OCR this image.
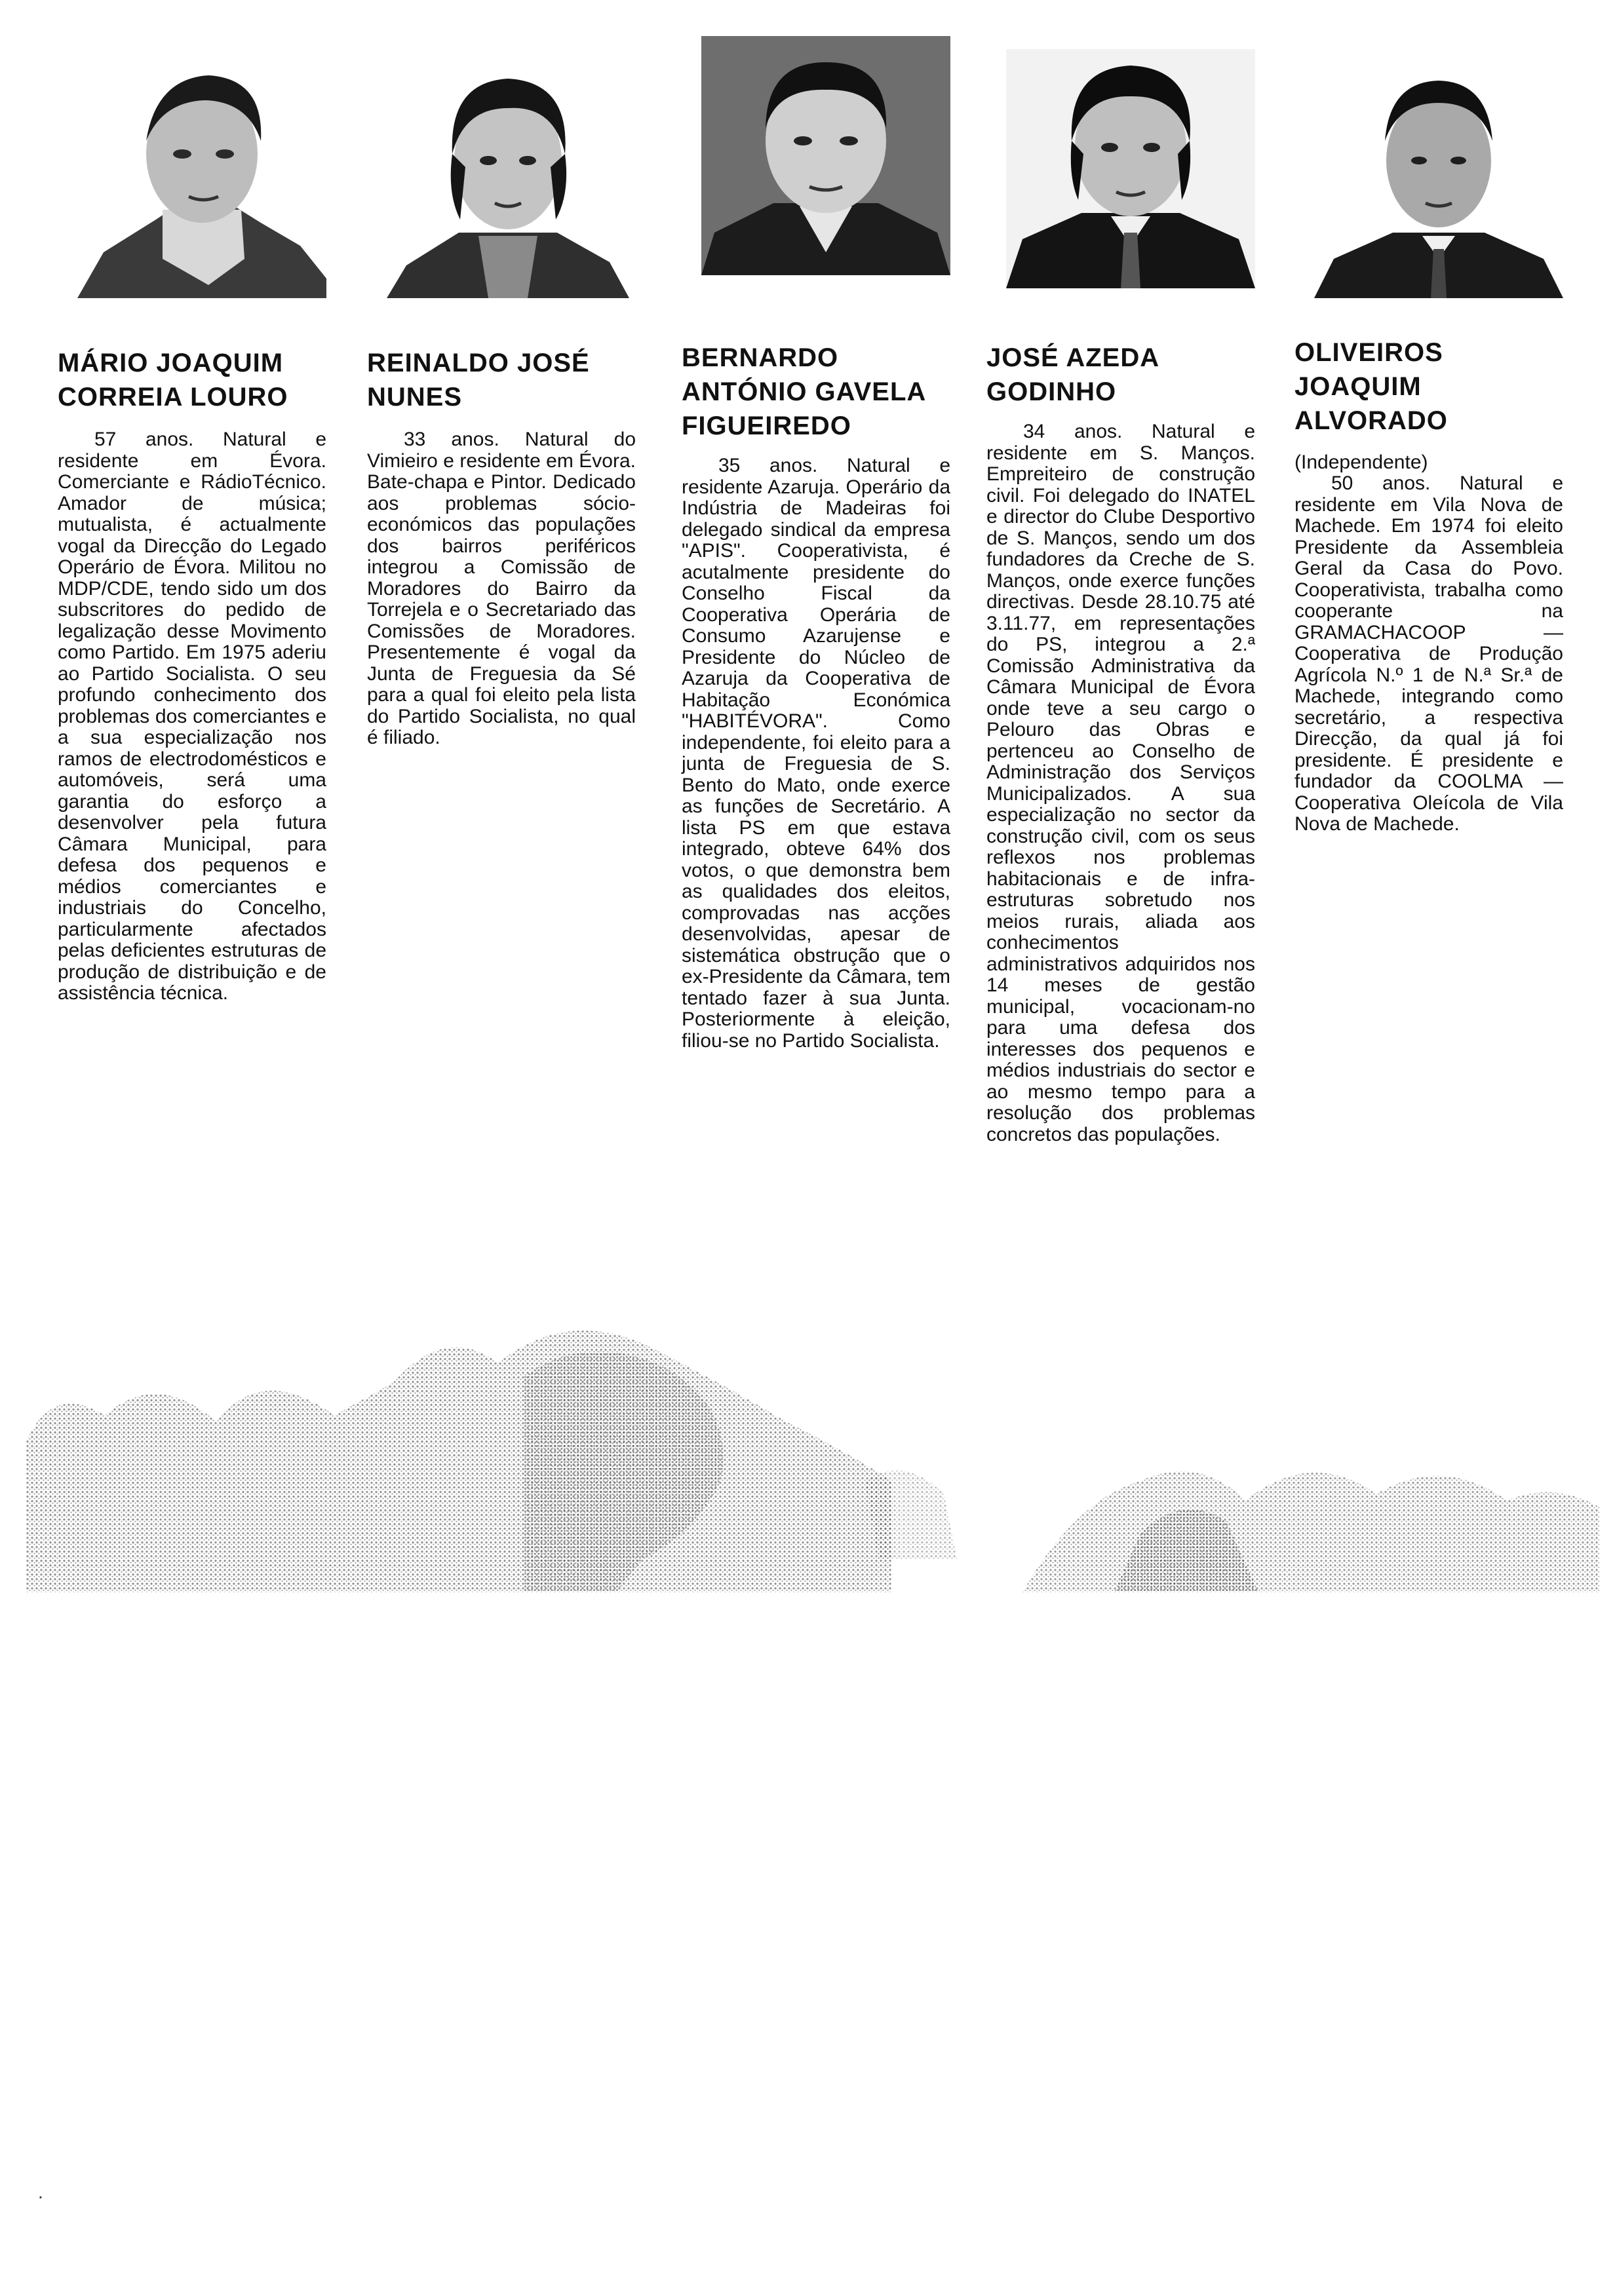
MÁRIO JOAQUIM
CORREIA LOURO

57 anos. Natural e residente em Évora. Comerciante e RádioTécnico. Amador de música; mutualista, é actualmente vogal da Direcção do Legado Operário de Évora. Militou no MDP/CDE, tendo sido um dos subscritores do pedido de legalização desse Movimento como Partido. Em 1975 aderiu ao Partido Socialista. O seu profundo conhecimento dos problemas dos comerciantes e a sua especialização nos ramos de electrodomésticos e automóveis, será uma garantia do esforço a desenvolver pela futura Câmara Municipal, para defesa dos pequenos e médios comerciantes e industriais do Concelho, particularmente afectados pelas deficientes estruturas de produção de distribuição e de assistência técnica.

REINALDO JOSÉ
NUNES

33 anos. Natural do Vimieiro e residente em Évora. Bate-chapa e Pintor. Dedicado aos problemas sócio-económicos das populações dos bairros periféricos integrou a Comissão de Moradores do Bairro da Torrejela e o Secretariado das Comissões de Moradores. Presentemente é vogal da Junta de Freguesia da Sé para a qual foi eleito pela lista do Partido Socialista, no qual é filiado.

BERNARDO
ANTÓNIO GAVELA
FIGUEIREDO

35 anos. Natural e residente Azaruja. Operário da Indústria de Madeiras foi delegado sindical da empresa "APIS". Cooperativista, é acutalmente presidente do Conselho Fiscal da Cooperativa Operária de Consumo Azarujense e Presidente do Núcleo de Azaruja da Cooperativa de Habitação Económica "HABITÉVORA". Como independente, foi eleito para a junta de Freguesia de S. Bento do Mato, onde exerce as funções de Secretário. A lista PS em que estava integrado, obteve 64% dos votos, o que demonstra bem as qualidades dos eleitos, comprovadas nas acções desenvolvidas, apesar de sistemática obstrução que o ex-Presidente da Câmara, tem tentado fazer à sua Junta. Posteriormente à eleição, filiou-se no Partido Socialista.

JOSÉ AZEDA
GODINHO

34 anos. Natural e residente em S. Manços. Empreiteiro de construção civil. Foi delegado do INATEL e director do Clube Desportivo de S. Manços, sendo um dos fundadores da Creche de S. Manços, onde exerce funções directivas. Desde 28.10.75 até 3.11.77, em representações do PS, integrou a 2.ª Comissão Administrativa da Câmara Municipal de Évora onde teve a seu cargo o Pelouro das Obras e pertenceu ao Conselho de Administração dos Serviços Municipalizados. A sua especialização no sector da construção civil, com os seus reflexos nos problemas habitacionais e de infra-estruturas sobretudo nos meios rurais, aliada aos conhecimentos administrativos adquiridos nos 14 meses de gestão municipal, vocacionam-no para uma defesa dos interesses dos pequenos e médios industriais do sector e ao mesmo tempo para a resolução dos problemas concretos das populações.

OLIVEIROS
JOAQUIM
ALVORADO
(Independente)

50 anos. Natural e residente em Vila Nova de Machede. Em 1974 foi eleito Presidente da Assembleia Geral da Casa do Povo. Cooperativista, trabalha como cooperante na GRAMACHACOOP — Cooperativa de Produção Agrícola N.º 1 de N.ª Sr.ª de Machede, integrando como secretário, a respectiva Direcção, da qual já foi presidente. É presidente e fundador da COOLMA — Cooperativa Oleícola de Vila Nova de Machede.

.
